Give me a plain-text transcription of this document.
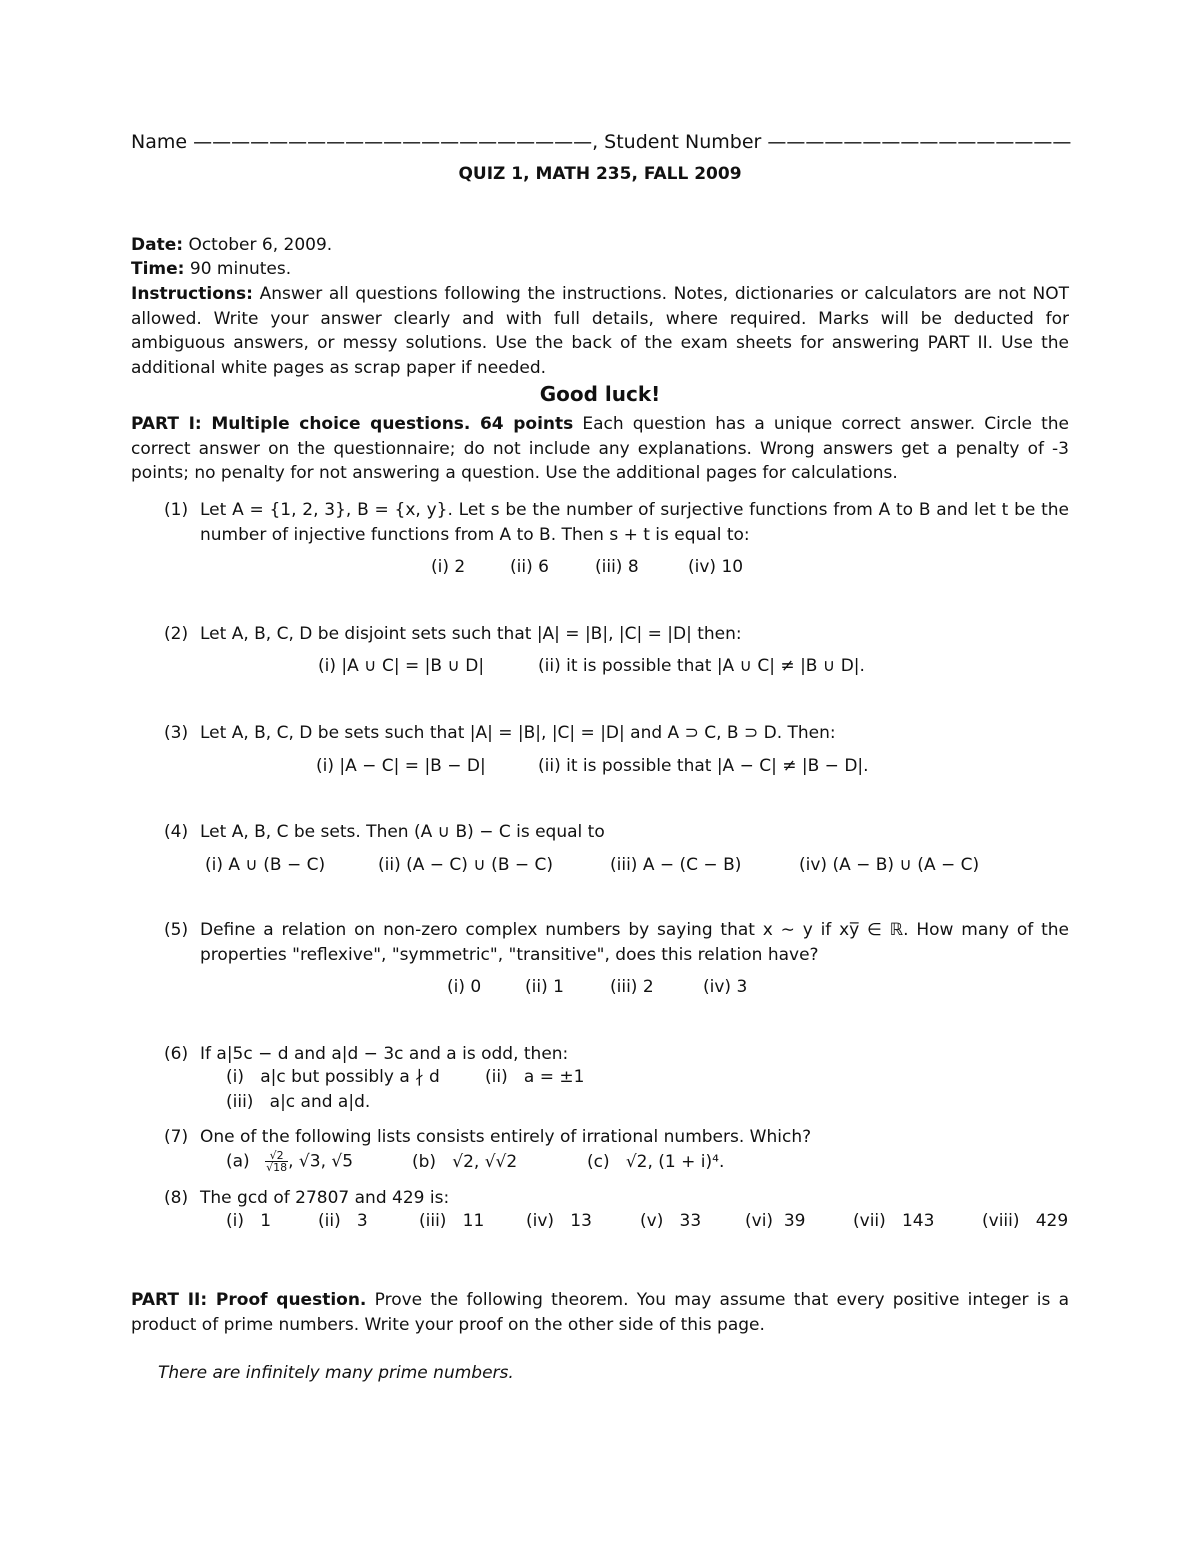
Name —————————————————————, Student Number ————————————————
QUIZ 1, MATH 235, FALL 2009
Date: October 6, 2009.
Time: 90 minutes.
Instructions: Answer all questions following the instructions. Notes, dictionaries or calculators are not NOT allowed. Write your answer clearly and with full details, where required. Marks will be deducted for ambiguous answers, or messy solutions. Use the back of the exam sheets for answering PART II. Use the additional white pages as scrap paper if needed.
Good luck!
PART I: Multiple choice questions. 64 points Each question has a unique correct answer. Circle the correct answer on the questionnaire; do not include any explanations. Wrong answers get a penalty of -3 points; no penalty for not answering a question. Use the additional pages for calculations.
(1) Let A = {1, 2, 3}, B = {x, y}. Let s be the number of surjective functions from A to B and let t be the number of injective functions from A to B. Then s + t is equal to:
(i) 2	(ii) 6	(iii) 8	(iv) 10
(2) Let A, B, C, D be disjoint sets such that |A| = |B|, |C| = |D| then:
(i) |A ∪ C| = |B ∪ D|	(ii) it is possible that |A ∪ C| ≠ |B ∪ D|.
(3) Let A, B, C, D be sets such that |A| = |B|, |C| = |D| and A ⊃ C, B ⊃ D. Then:
(i) |A − C| = |B − D|	(ii) it is possible that |A − C| ≠ |B − D|.
(4) Let A, B, C be sets. Then (A ∪ B) − C is equal to
(i) A ∪ (B − C)	(ii) (A − C) ∪ (B − C)	(iii) A − (C − B)	(iv) (A − B) ∪ (A − C)
(5) Define a relation on non-zero complex numbers by saying that x ∼ y if xy̅ ∈ ℝ. How many of the properties "reflexive", "symmetric", "transitive", does this relation have?
(i) 0	(ii) 1	(iii) 2	(iv) 3
(6) If a|5c − d and a|d − 3c and a is odd, then:
(i)   a|c but possibly a ∤ d	(ii)   a = ±1
(iii)   a|c and a|d.
(7) One of the following lists consists entirely of irrational numbers. Which?
$(a) \frac{√2}{√18}$ , √3, √5	(b)   √2, √√2	(c)   √2, (1 + i)⁴.
(8) The gcd of 27807 and 429 is:
(i)   1	(ii)   3	(iii)   11 (iv)   13	(v)   33	(vi)  39	(vii)   143	(viii)   429
PART II: Proof question. Prove the following theorem. You may assume that every positive integer is a product of prime numbers. Write your proof on the other side of this page.
There are infinitely many prime numbers.
